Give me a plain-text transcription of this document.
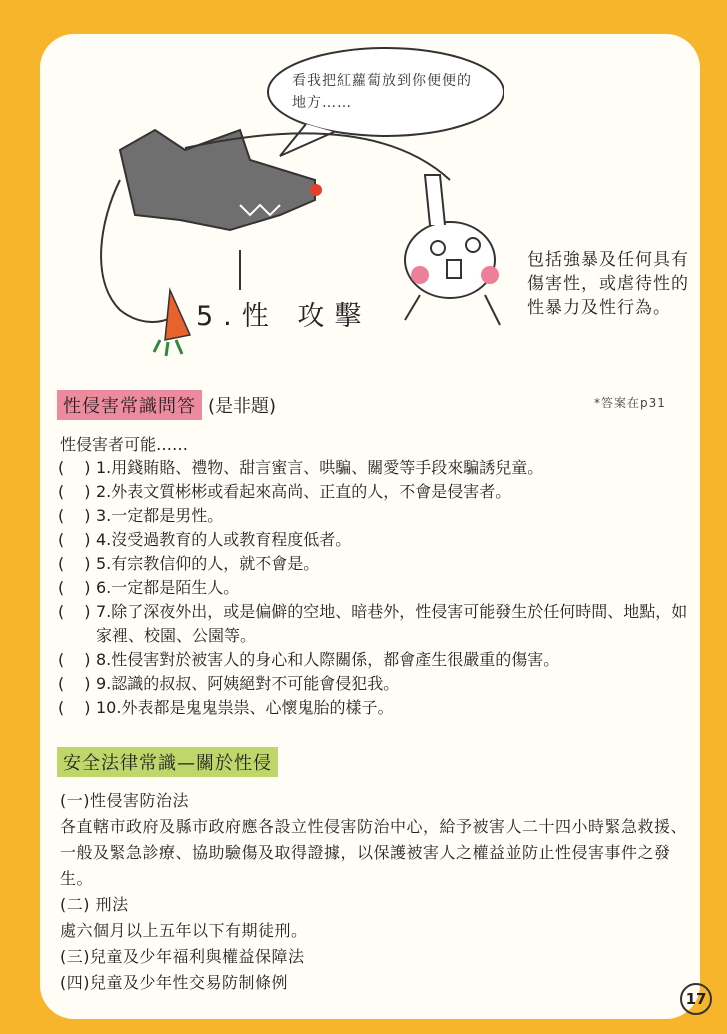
看我把紅蘿蔔放到你便便的地方……
5.性 攻擊
包括強暴及任何具有傷害性，或虐待性的性暴力及性行為。
性侵害常識問答 (是非題)	*答案在p31
性侵害者可能……
()
1.用錢賄賂、禮物、甜言蜜言、哄騙、關愛等手段來騙誘兒童。
()
2.外表文質彬彬或看起來高尚、正直的人，不會是侵害者。
()
3.一定都是男性。
()
4.沒受過教育的人或教育程度低者。
()
5.有宗教信仰的人，就不會是。
()
6.一定都是陌生人。
()
7.除了深夜外出，或是偏僻的空地、暗巷外，性侵害可能發生於任何時間、地點，如家裡、校園、公園等。
()
8.性侵害對於被害人的身心和人際關係，都會產生很嚴重的傷害。
()
9.認識的叔叔、阿姨絕對不可能會侵犯我。
()
10.外表都是鬼鬼祟祟、心懷鬼胎的樣子。
安全法律常識—關於性侵
(一)性侵害防治法
各直轄市政府及縣市政府應各設立性侵害防治中心，給予被害人二十四小時緊急救援、一般及緊急診療、協助驗傷及取得證據，以保護被害人之權益並防止性侵害事件之發生。
(二) 刑法
處六個月以上五年以下有期徒刑。
(三)兒童及少年福利與權益保障法
(四)兒童及少年性交易防制條例
17
